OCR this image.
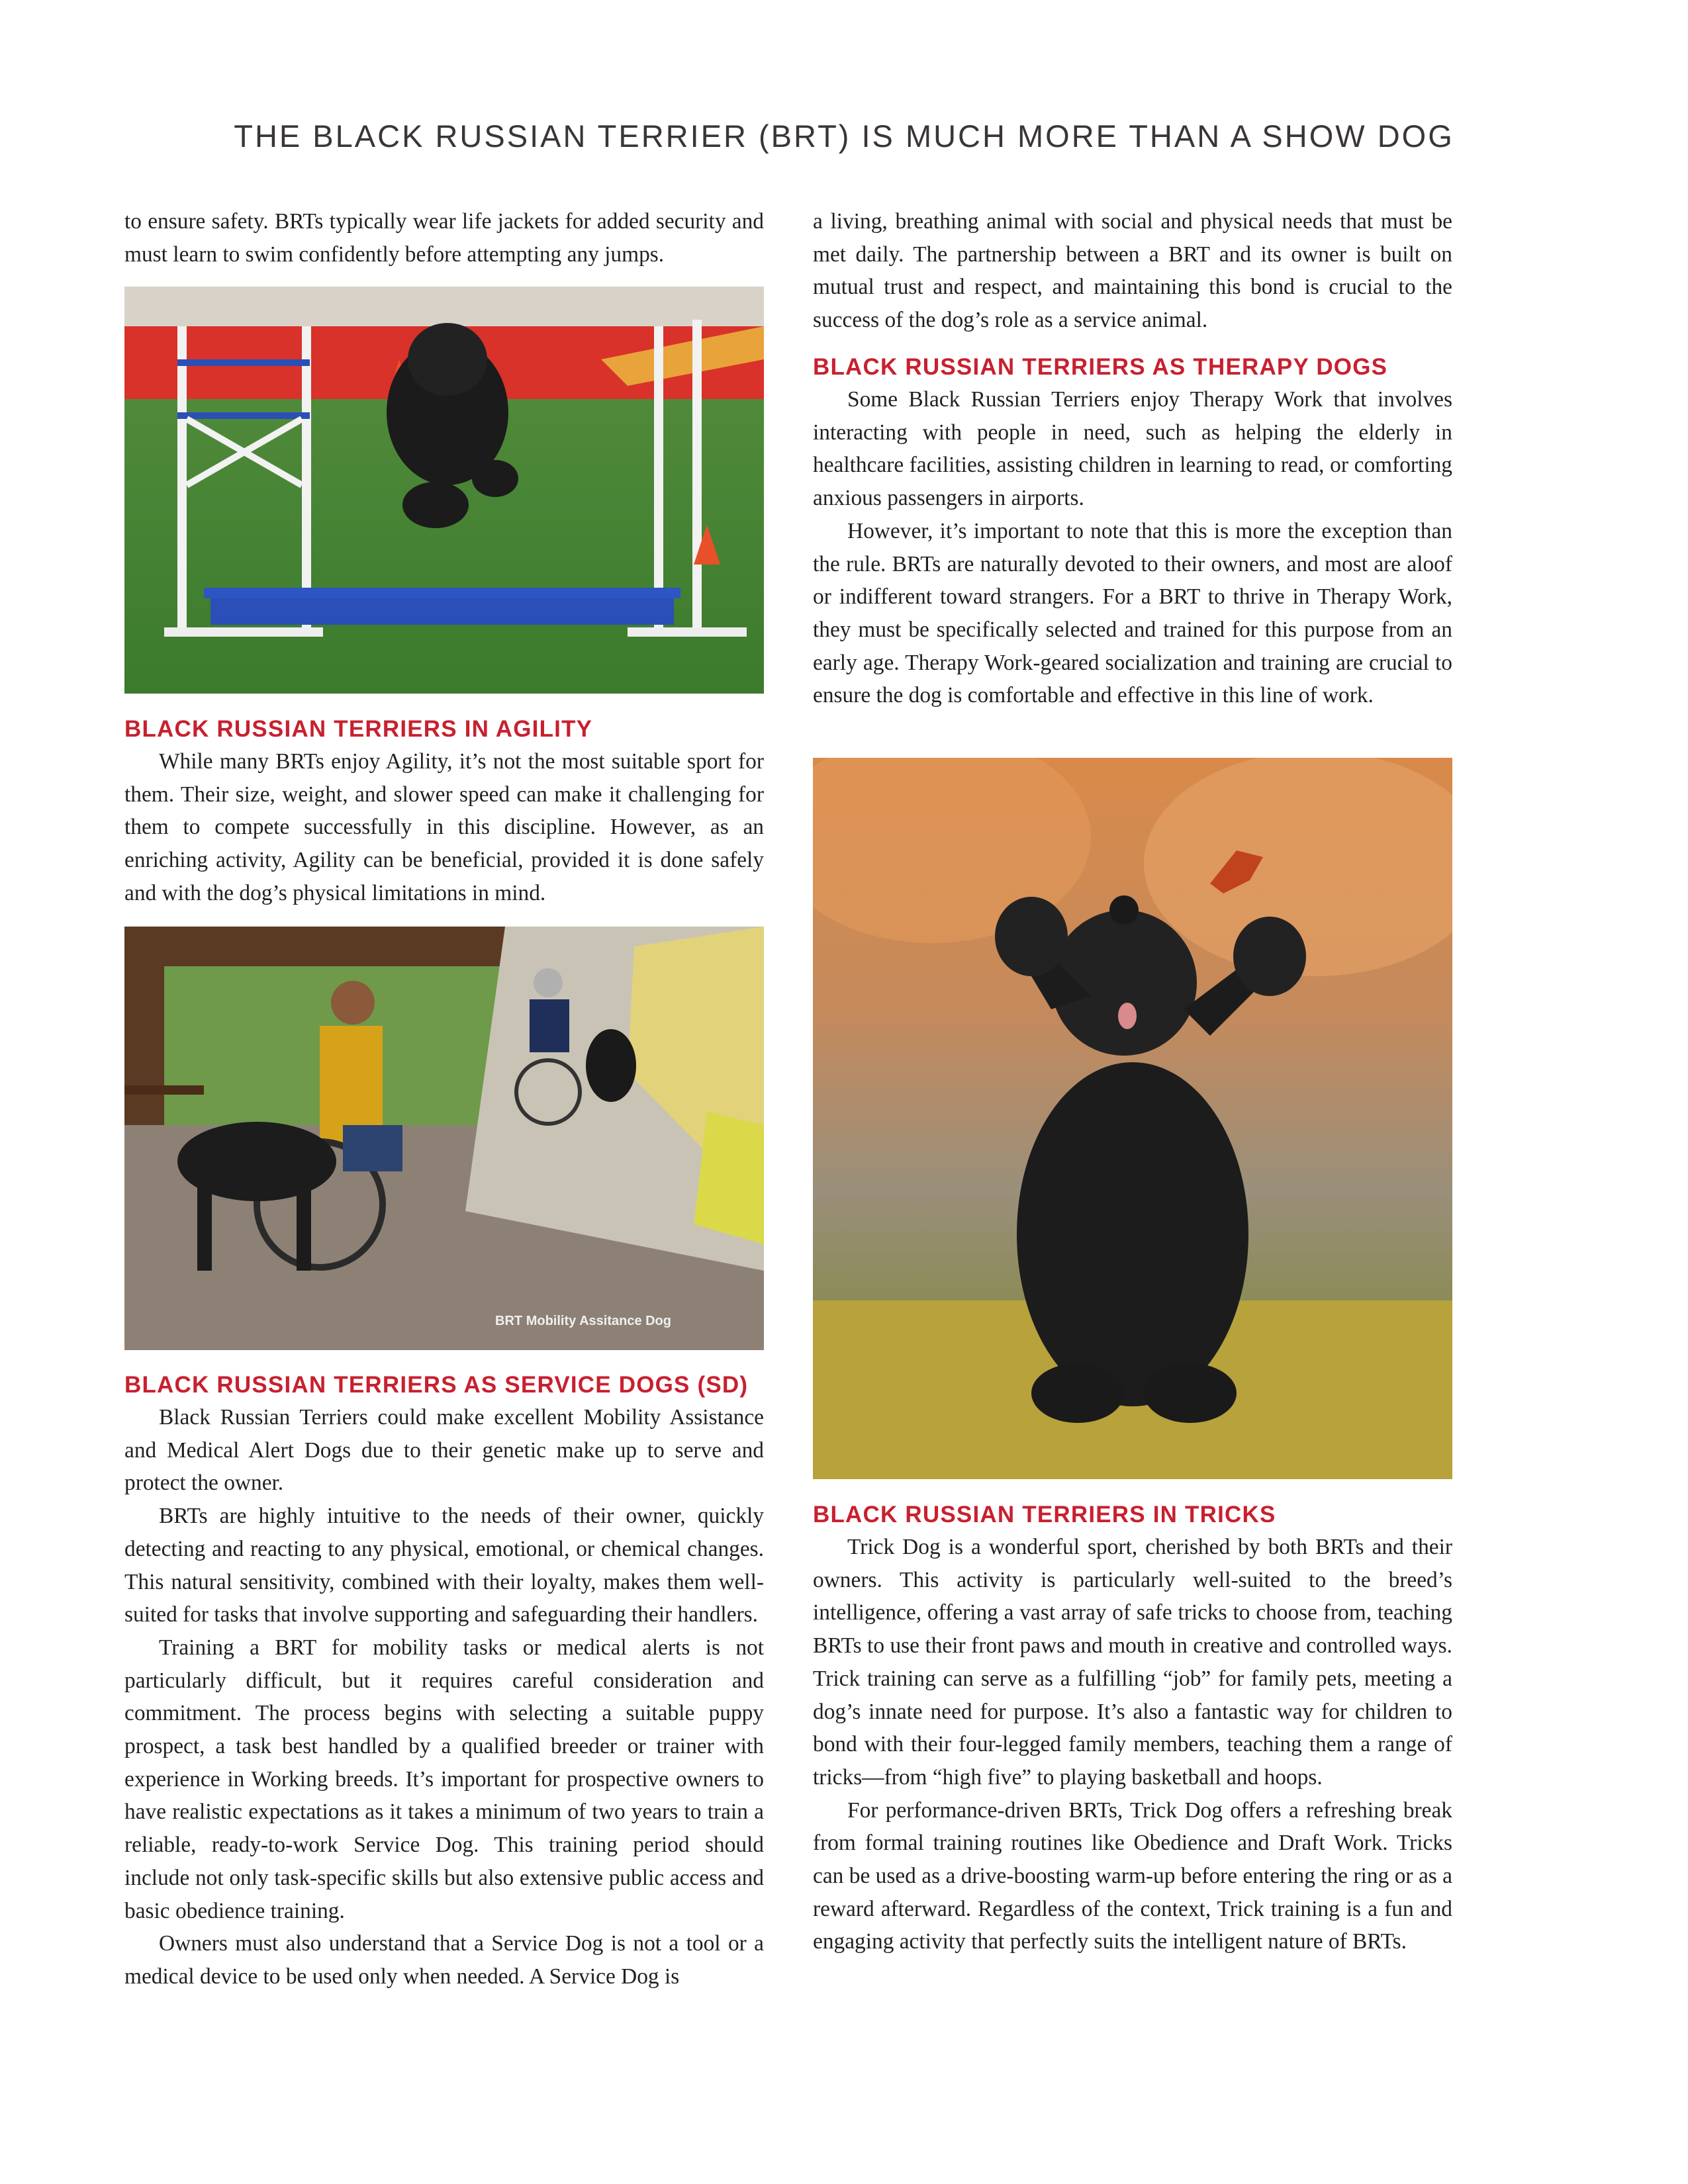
THE BLACK RUSSIAN TERRIER (BRT) IS MUCH MORE THAN A SHOW DOG

to ensure safety. BRTs typically wear life jackets for added security and must learn to swim confidently before attempting any jumps.

BLACK RUSSIAN TERRIERS IN AGILITY

While many BRTs enjoy Agility, it’s not the most suitable sport for them. Their size, weight, and slower speed can make it challenging for them to compete successfully in this discipline. However, as an enriching activity, Agility can be beneficial, provided it is done safely and with the dog’s physical limitations in mind.

BRT Mobility Assitance Dog
BLACK RUSSIAN TERRIERS AS SERVICE DOGS (SD)

Black Russian Terriers could make excellent Mobility Assistance and Medical Alert Dogs due to their genetic make up to serve and protect the owner.

BRTs are highly intuitive to the needs of their owner, quickly detecting and reacting to any physical, emotional, or chemical changes. This natural sensitivity, combined with their loyalty, makes them well-suited for tasks that involve supporting and safeguarding their handlers.

Training a BRT for mobility tasks or medical alerts is not particularly difficult, but it requires careful consideration and commitment. The process begins with selecting a suitable puppy prospect, a task best handled by a qualified breeder or trainer with experience in Working breeds. It’s important for prospective owners to have realistic expectations as it takes a minimum of two years to train a reliable, ready-to-work Service Dog. This training period should include not only task-specific skills but also extensive public access and basic obedience training.

Owners must also understand that a Service Dog is not a tool or a medical device to be used only when needed. A Service Dog is

a living, breathing animal with social and physical needs that must be met daily. The partnership between a BRT and its owner is built on mutual trust and respect, and maintaining this bond is crucial to the success of the dog’s role as a service animal.

BLACK RUSSIAN TERRIERS AS THERAPY DOGS

Some Black Russian Terriers enjoy Therapy Work that involves interacting with people in need, such as helping the elderly in healthcare facilities, assisting children in learning to read, or comforting anxious passengers in airports.

However, it’s important to note that this is more the exception than the rule. BRTs are naturally devoted to their owners, and most are aloof or indifferent toward strangers. For a BRT to thrive in Therapy Work, they must be specifically selected and trained for this purpose from an early age. Therapy Work-geared socialization and training are crucial to ensure the dog is comfortable and effective in this line of work.

BLACK RUSSIAN TERRIERS IN TRICKS

Trick Dog is a wonderful sport, cherished by both BRTs and their owners. This activity is particularly well-suited to the breed’s intelligence, offering a vast array of safe tricks to choose from, teaching BRTs to use their front paws and mouth in creative and controlled ways. Trick training can serve as a fulfilling “job” for family pets, meeting a dog’s innate need for purpose. It’s also a fantastic way for children to bond with their four-legged family members, teaching them a range of tricks—from “high five” to playing basketball and hoops.

For performance-driven BRTs, Trick Dog offers a refreshing break from formal training routines like Obedience and Draft Work. Tricks can be used as a drive-boosting warm-up before entering the ring or as a reward afterward. Regardless of the context, Trick training is a fun and engaging activity that perfectly suits the intelligent nature of BRTs.
